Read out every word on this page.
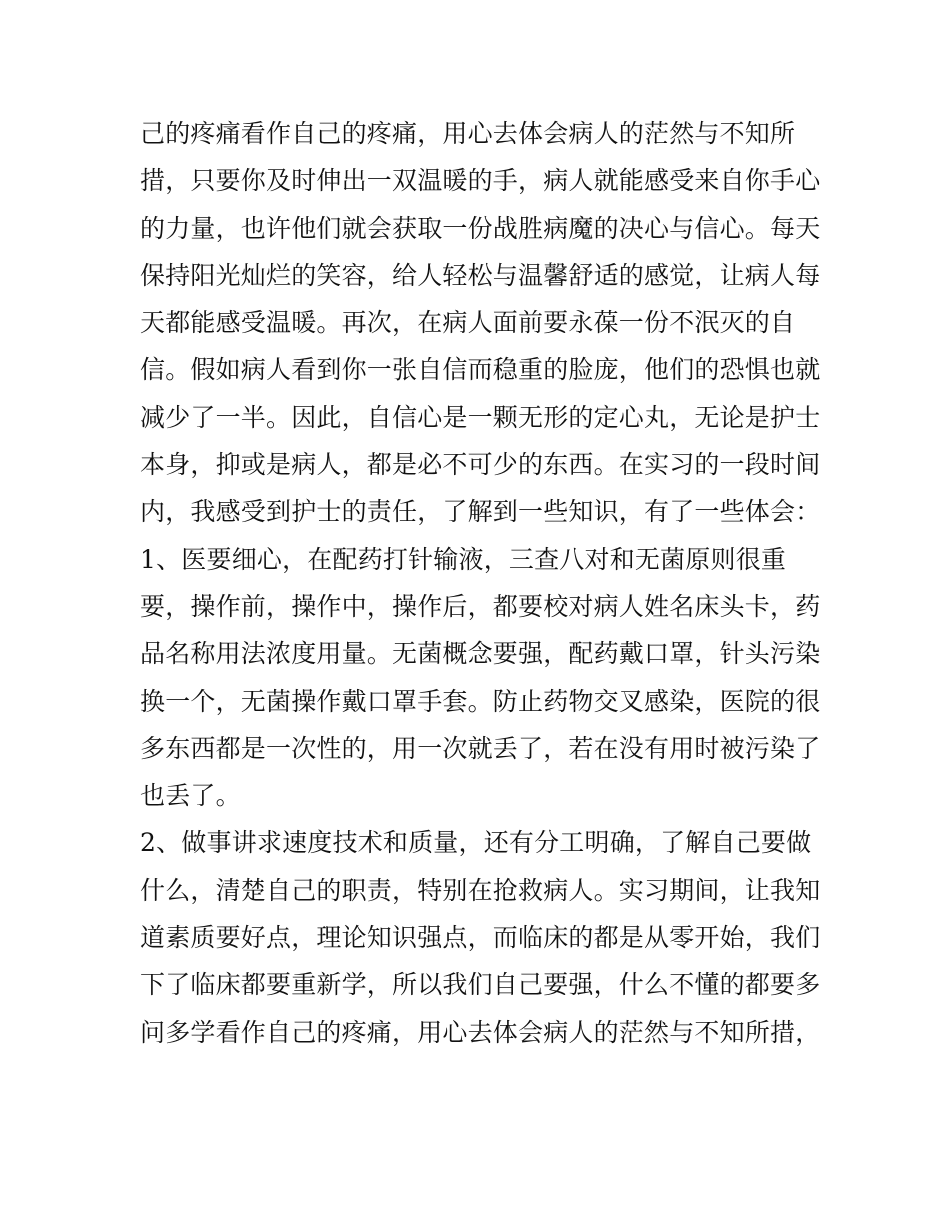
己的疼痛看作自己的疼痛，用心去体会病人的茫然与不知所
措，只要你及时伸出一双温暖的手，病人就能感受来自你手心
的力量，也许他们就会获取一份战胜病魔的决心与信心。每天
保持阳光灿烂的笑容，给人轻松与温馨舒适的感觉，让病人每
天都能感受温暖。再次，在病人面前要永葆一份不泯灭的自
信。假如病人看到你一张自信而稳重的脸庞，他们的恐惧也就
减少了一半。因此，自信心是一颗无形的定心丸，无论是护士
本身，抑或是病人，都是必不可少的东西。在实习的一段时间
内，我感受到护士的责任，了解到一些知识，有了一些体会：
1、医要细心，在配药打针输液，三查八对和无菌原则很重
要，操作前，操作中，操作后，都要校对病人姓名床头卡，药
品名称用法浓度用量。无菌概念要强，配药戴口罩，针头污染
换一个，无菌操作戴口罩手套。防止药物交叉感染，医院的很
多东西都是一次性的，用一次就丢了，若在没有用时被污染了
也丢了。
2、做事讲求速度技术和质量，还有分工明确，了解自己要做
什么，清楚自己的职责，特别在抢救病人。实习期间，让我知
道素质要好点，理论知识强点，而临床的都是从零开始，我们
下了临床都要重新学，所以我们自己要强，什么不懂的都要多
问多学看作自己的疼痛，用心去体会病人的茫然与不知所措，
